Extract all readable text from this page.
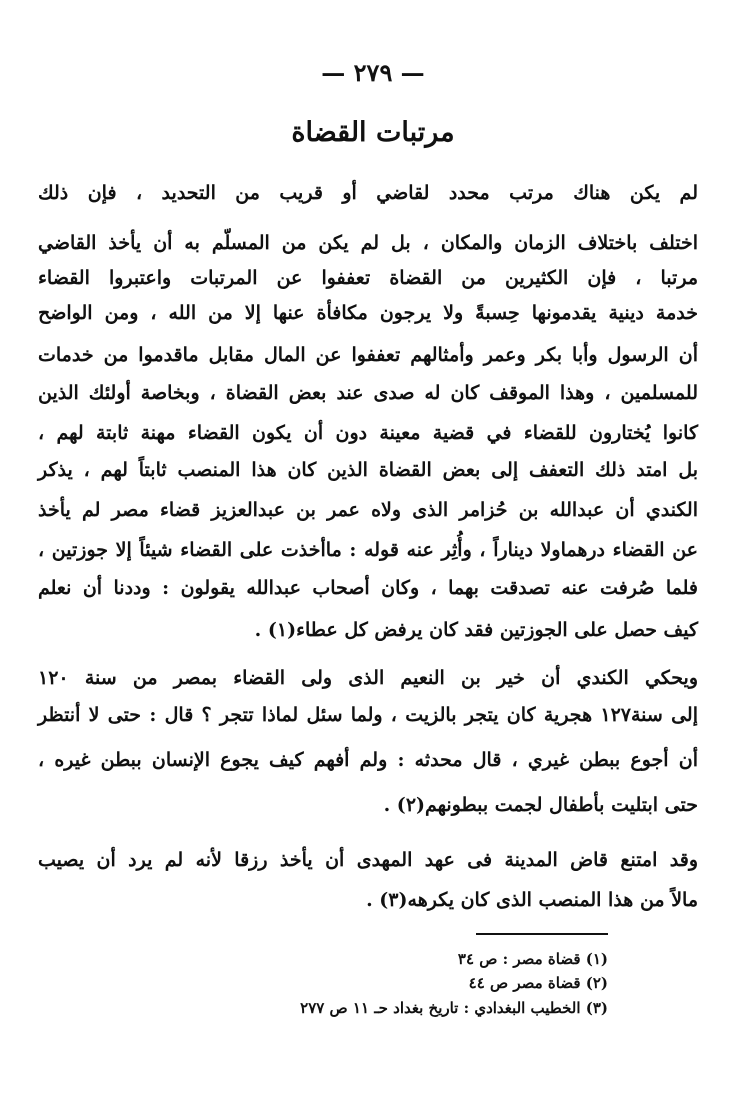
— ٢٧٩ —
مرتبات القضاة
لم يكن هناك مرتب محدد لقاضي أو قريب من التحديد ، فإن ذلك
اختلف باختلاف الزمان والمكان ، بل لم يكن من المسلّم به أن يأخذ القاضي
مرتبا ، فإن الكثيرين من القضاة تعففوا عن المرتبات واعتبروا القضاء
خدمة دينية يقدمونها حِسبةً ولا يرجون مكافأة عنها إلا من الله ، ومن الواضح
أن الرسول وأبا بكر وعمر وأمثالهم تعففوا عن المال مقابل ماقدموا من خدمات
للمسلمين ، وهذا الموقف كان له صدى عند بعض القضاة ، وبخاصة أولئك الذين
كانوا يُختارون للقضاء في قضية معينة دون أن يكون القضاء مهنة ثابتة لهم ،
بل امتد ذلك التعفف إلى بعض القضاة الذين كان هذا المنصب ثابتاً لهم ، يذكر
الكندي أن عبدالله بن حُزامر الذى ولاه عمر بن عبدالعزيز قضاء مصر لم يأخذ
عن القضاء درهماولا ديناراً ، وأُثِر عنه قوله : ماأخذت على القضاء شيئاً إلا جوزتين ،
فلما صُرفت عنه تصدقت بهما ، وكان أصحاب عبدالله يقولون : وددنا أن نعلم
كيف حصل على الجوزتين فقد كان يرفض كل عطاء(١) .
ويحكي الكندي أن خير بن النعيم الذى ولى القضاء بمصر من سنة ١٢٠
إلى سنة١٢٧ هجرية كان يتجر بالزيت ، ولما سئل لماذا تتجر ؟ قال : حتى لا أنتظر
أن أجوع ببطن غيري ، قال محدثه : ولم أفهم كيف يجوع الإنسان ببطن غيره ،
حتى ابتليت بأطفال لجمت ببطونهم(٢) .
وقد امتنع قاض المدينة فى عهد المهدى أن يأخذ رزقا لأنه لم يرد أن يصيب
مالاً من هذا المنصب الذى كان يكرهه(٣) .
(١) قضاة مصر : ص ٣٤
(٢) قضاة مصر ص ٤٤
(٣) الخطيب البغدادي : تاريخ بغداد حـ ١١ ص ٢٧٧
